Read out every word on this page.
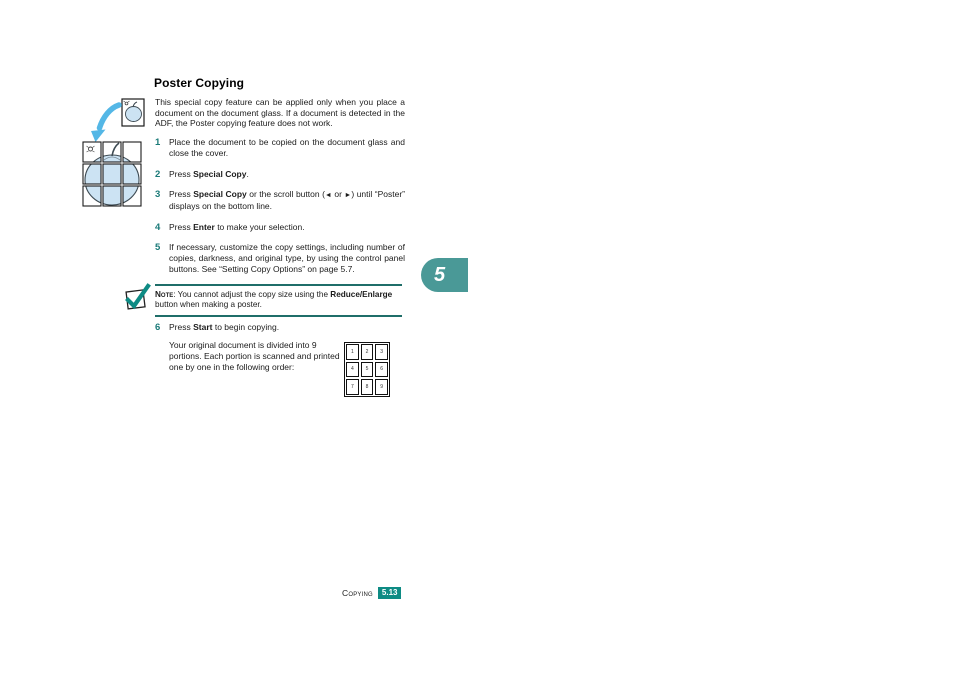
Poster Copying
This special copy feature can be applied only when you place a document on the document glass. If a document is detected in the ADF, the Poster copying feature does not work.
1	Place the document to be copied on the document glass and close the cover.
2	Press Special Copy.
3	Press Special Copy or the scroll button (◄ or ►) until “Poster” displays on the bottom line.
4	Press Enter to make your selection.
5	If necessary, customize the copy settings, including number of copies, darkness, and original type, by using the control panel buttons. See “Setting Copy Options” on page 5.7.
Note: You cannot adjust the copy size using the Reduce/Enlarge button when making a poster.
6	Press Start to begin copying.
Your original document is divided into 9 portions. Each portion is scanned and printed one by one in the following order:
1	2	3
4	5	6
7	8	9
5
Copying	5.13
